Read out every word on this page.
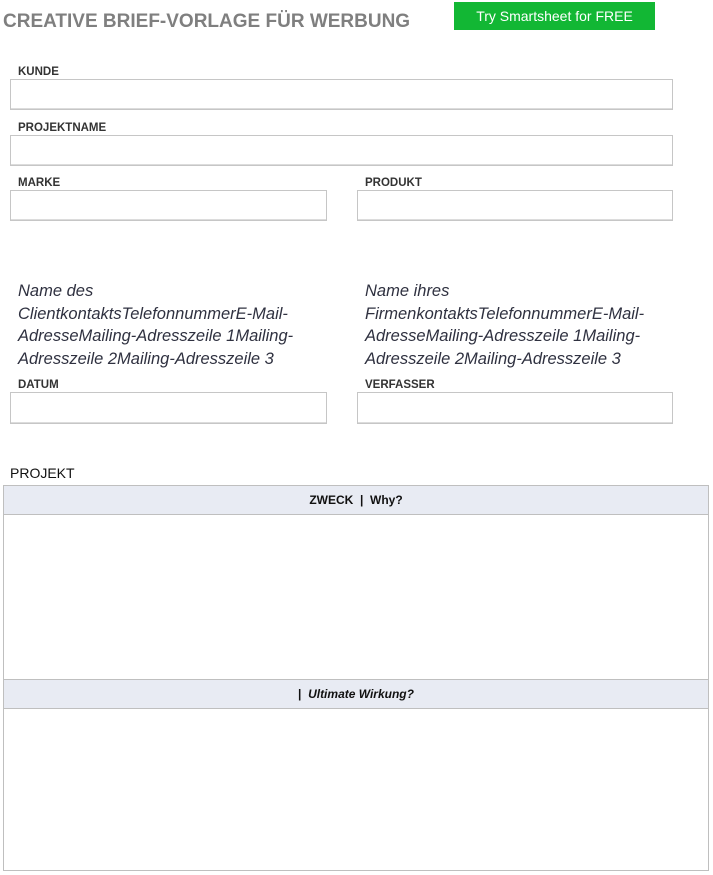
CREATIVE BRIEF-VORLAGE FÜR WERBUNG	Try Smartsheet for FREE
KUNDE
PROJEKTNAME
MARKE	PRODUKT
Name des ClientkontaktsTelefonnummerE-Mail-AdresseMailing-Adresszeile 1Mailing-Adresszeile 2Mailing-Adresszeile 3
Name ihres FirmenkontaktsTelefonnummerE-Mail-AdresseMailing-Adresszeile 1Mailing-Adresszeile 2Mailing-Adresszeile 3
DATUM	VERFASSER
PROJEKT
ZWECK  | Why?
| Ultimate Wirkung?
